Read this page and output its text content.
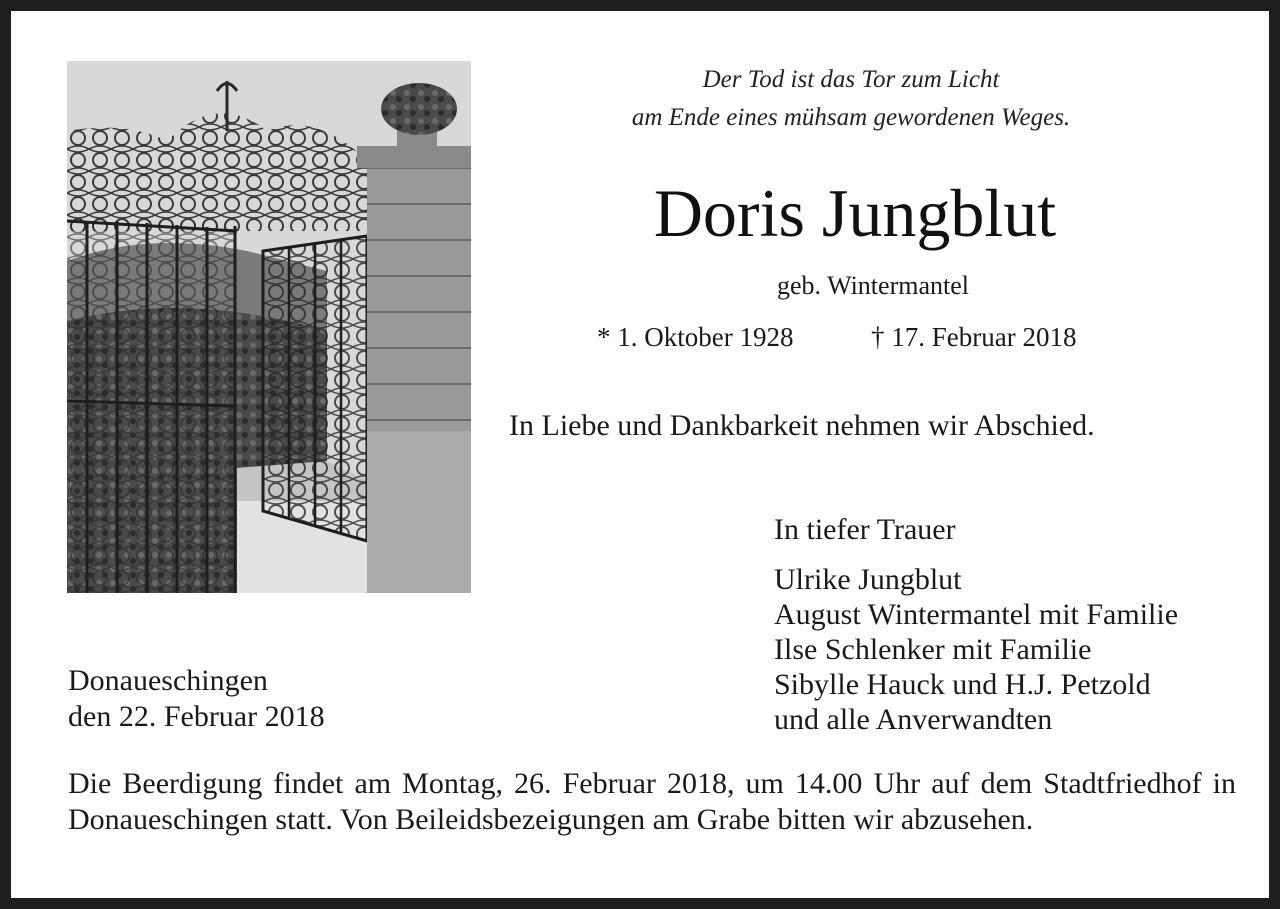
Der Tod ist das Tor zum Licht
am Ende eines mühsam gewordenen Weges.
Doris Jungblut
geb. Wintermantel
* 1. Oktober 1928	† 17. Februar 2018
In Liebe und Dankbarkeit nehmen wir Abschied.
In tiefer Trauer
Ulrike Jungblut
August Wintermantel mit Familie
Ilse Schlenker mit Familie
Sibylle Hauck und H.J. Petzold
und alle Anverwandten
Donaueschingen
den 22. Februar 2018
Die Beerdigung findet am Montag, 26. Februar 2018, um 14.00 Uhr auf dem Stadtfriedhof in Donaueschingen statt. Von Beileidsbezeigungen am Grabe bitten wir abzusehen.
